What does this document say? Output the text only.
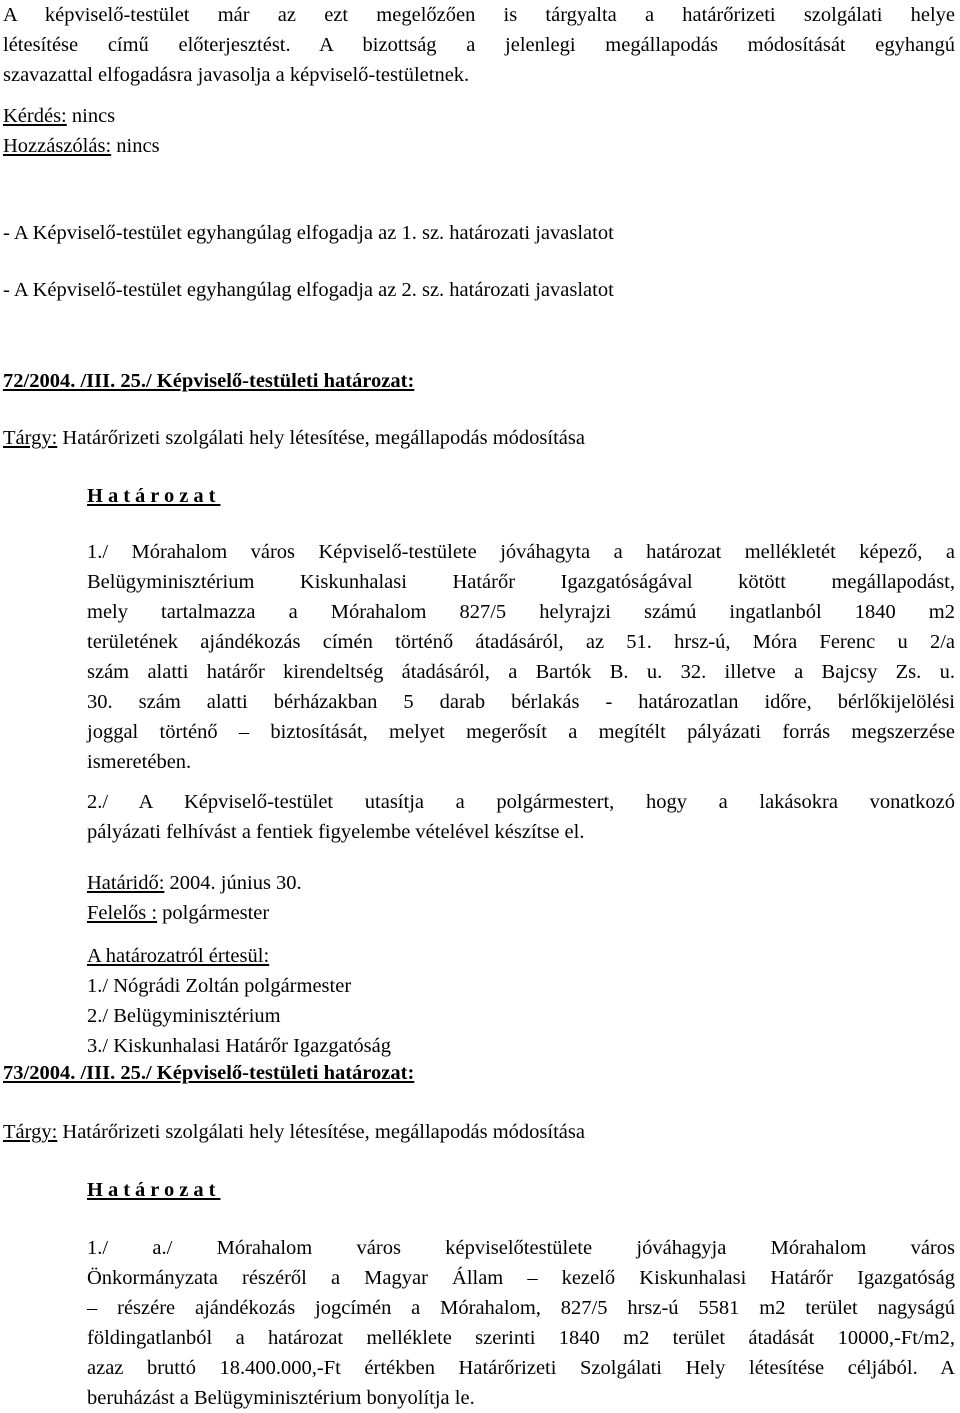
A képviselő-testület már az ezt megelőzően is tárgyalta a határőrizeti szolgálati helye
létesítése című előterjesztést. A bizottság a jelenlegi megállapodás módosítását egyhangú
szavazattal elfogadásra javasolja a képviselő-testületnek.
Kérdés: nincs
Hozzászólás: nincs
- A Képviselő-testület egyhangúlag elfogadja az 1. sz. határozati javaslatot
- A Képviselő-testület egyhangúlag elfogadja az 2. sz. határozati javaslatot
72/2004. /III. 25./ Képviselő-testületi határozat:
Tárgy: Határőrizeti szolgálati hely létesítése, megállapodás módosítása
Határozat
1./ Mórahalom város Képviselő-testülete jóváhagyta a határozat mellékletét képező, a
Belügyminisztérium Kiskunhalasi Határőr Igazgatóságával kötött megállapodást,
mely tartalmazza a Mórahalom 827/5 helyrajzi számú ingatlanból 1840 m2
területének ajándékozás címén történő átadásáról, az 51. hrsz-ú, Móra Ferenc u 2/a
szám alatti határőr kirendeltség átadásáról, a Bartók B. u. 32. illetve a Bajcsy Zs. u.
30. szám alatti bérházakban 5 darab bérlakás - határozatlan időre, bérlőkijelölési
joggal történő – biztosítását, melyet megerősít a megítélt pályázati forrás megszerzése
ismeretében.
2./ A Képviselő-testület utasítja a polgármestert, hogy a lakásokra vonatkozó
pályázati felhívást a fentiek figyelembe vételével készítse el.
Határidő: 2004. június 30.
Felelős : polgármester
A határozatról értesül:
1./ Nógrádi Zoltán polgármester
2./ Belügyminisztérium
3./ Kiskunhalasi Határőr Igazgatóság
73/2004. /III. 25./ Képviselő-testületi határozat:
Tárgy: Határőrizeti szolgálati hely létesítése, megállapodás módosítása
Határozat
1./ a./ Mórahalom város képviselőtestülete jóváhagyja Mórahalom város
Önkormányzata részéről a Magyar Állam – kezelő Kiskunhalasi Határőr Igazgatóság
– részére ajándékozás jogcímén a Mórahalom, 827/5 hrsz-ú 5581 m2 terület nagyságú
földingatlanból a határozat melléklete szerinti 1840 m2 terület átadását 10000,-Ft/m2,
azaz bruttó 18.400.000,-Ft értékben Határőrizeti Szolgálati Hely létesítése céljából. A
beruházást a Belügyminisztérium bonyolítja le.
